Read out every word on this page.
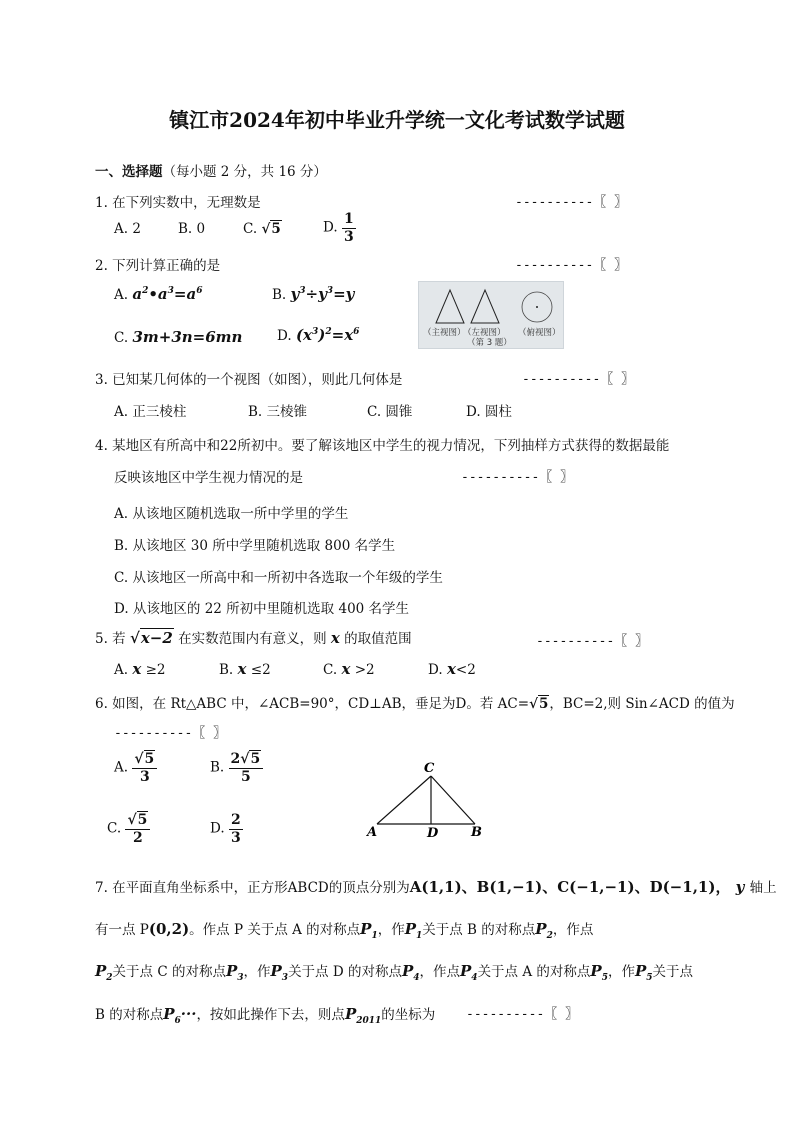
镇江市2024年初中毕业升学统一文化考试数学试题
一、选择题（每小题 2 分，共 16 分）
1. 在下列实数中，无理数是	----------〖 〗
A. 2	B. 0	C. √5	D. $\frac{1}{3}$
2. 下列计算正确的是	----------〖 〗
A. $a^2•a^3=a^6$	B. $y^3\div y^3=y$
C. 3m+3n=6mn	D. $(x^3)^2=x^6$	（主视图）
（左视图） （俯视图）
（第 3 题）
3. 已知某几何体的一个视图（如图），则此几何体是	----------〖 〗
A. 正三棱柱	B. 三棱锥	C. 圆锥	D. 圆柱
4. 某地区有所高中和22所初中。要了解该地区中学生的视力情况，下列抽样方式获得的数据最能
反映该地区中学生视力情况的是	----------〖 〗
A. 从该地区随机选取一所中学里的学生
B. 从该地区 30 所中学里随机选取 800 名学生
C. 从该地区一所高中和一所初中各选取一个年级的学生
D. 从该地区的 22 所初中里随机选取 400 名学生
5. 若 √x−2 在实数范围内有意义，则 x 的取值范围	----------〖 〗
A. x ≥2	B. x ≤2	C. x >2	D. x<2
6. 如图，在 Rt△ABC 中，∠ACB=90°，CD⊥AB，垂足为D。若 AC=√5，BC=2,则 Sin∠ACD 的值为
----------〖 〗
A. $\frac{√5}{3}$	B. $\frac{2√5}{5}$
C. $\frac{√5}{2}$	D. $\frac{2}{3}$	A	B
C
D
7. 在平面直角坐标系中，正方形ABCD的顶点分别为A(1,1)、B(1,−1)、C(−1,−1)、D(−1,1)， y 轴上
有一点 P(0,2)。作点 P 关于点 A 的对称点$P_1$，作$P_1$关于点 B 的对称点$P_2$，作点
$P_2$关于点 C 的对称点$P_3$，作$P_3$关于点 D 的对称点$P_4$，作点$P_4$关于点 A 的对称点$P_5$，作$P_5$关于点
B 的对称点$P_6\cdot\cdot\cdot$，按如此操作下去，则点$P_{2011}$的坐标为 ----------〖 〗
